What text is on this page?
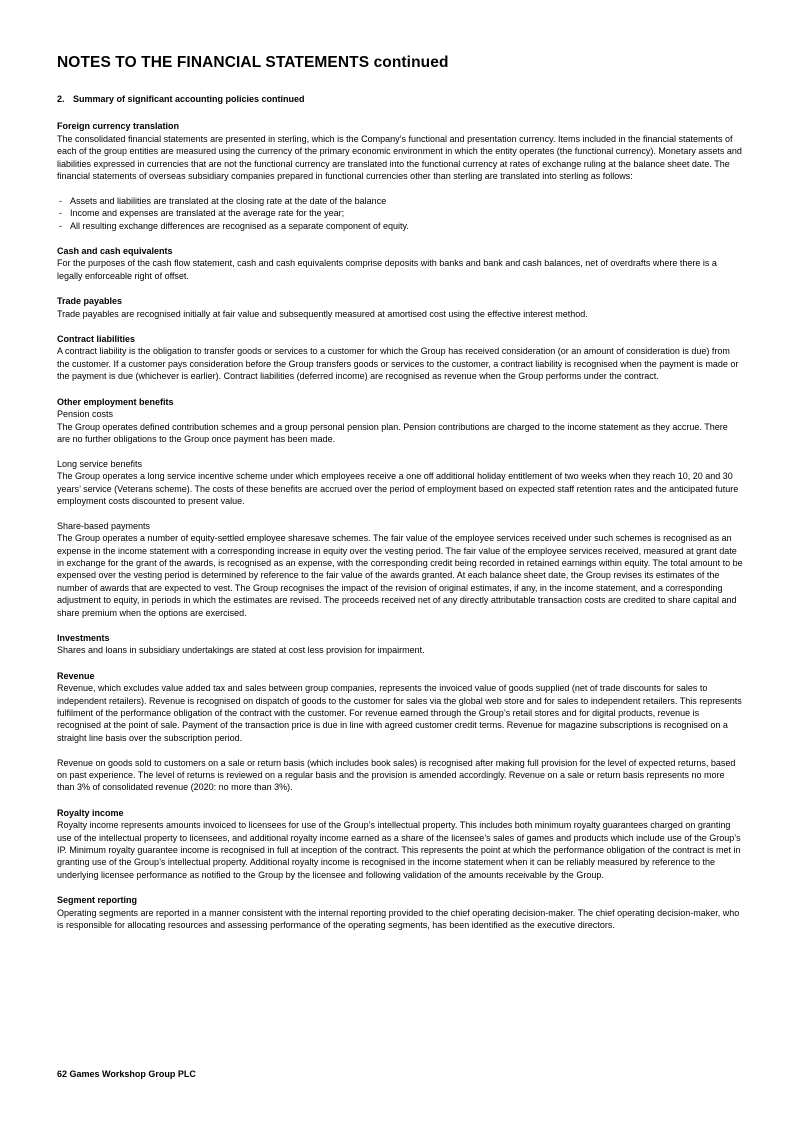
NOTES TO THE FINANCIAL STATEMENTS continued
2. Summary of significant accounting policies continued
Foreign currency translation

The consolidated financial statements are presented in sterling, which is the Company’s functional and presentation currency. Items included in the financial statements of each of the group entities are measured using the currency of the primary economic environment in which the entity operates (the functional currency). Monetary assets and liabilities expressed in currencies that are not the functional currency are translated into the functional currency at rates of exchange ruling at the balance sheet date. The financial statements of overseas subsidiary companies prepared in functional currencies other than sterling are translated into sterling as follows:

- Assets and liabilities are translated at the closing rate at the date of the balance
- Income and expenses are translated at the average rate for the year;
- All resulting exchange differences are recognised as a separate component of equity.
Cash and cash equivalents

For the purposes of the cash flow statement, cash and cash equivalents comprise deposits with banks and bank and cash balances, net of overdrafts where there is a legally enforceable right of offset.

Trade payables

Trade payables are recognised initially at fair value and subsequently measured at amortised cost using the effective interest method.

Contract liabilities

A contract liability is the obligation to transfer goods or services to a customer for which the Group has received consideration (or an amount of consideration is due) from the customer. If a customer pays consideration before the Group transfers goods or services to the customer, a contract liability is recognised when the payment is made or the payment is due (whichever is earlier). Contract liabilities (deferred income) are recognised as revenue when the Group performs under the contract.

Other employment benefits

Pension costs

The Group operates defined contribution schemes and a group personal pension plan. Pension contributions are charged to the income statement as they accrue. There are no further obligations to the Group once payment has been made.

Long service benefits

The Group operates a long service incentive scheme under which employees receive a one off additional holiday entitlement of two weeks when they reach 10, 20 and 30 years’ service (Veterans scheme). The costs of these benefits are accrued over the period of employment based on expected staff retention rates and the anticipated future employment costs discounted to present value.

Share-based payments

The Group operates a number of equity-settled employee sharesave schemes. The fair value of the employee services received under such schemes is recognised as an expense in the income statement with a corresponding increase in equity over the vesting period. The fair value of the employee services received, measured at grant date in exchange for the grant of the awards, is recognised as an expense, with the corresponding credit being recorded in retained earnings within equity. The total amount to be expensed over the vesting period is determined by reference to the fair value of the awards granted. At each balance sheet date, the Group revises its estimates of the number of awards that are expected to vest. The Group recognises the impact of the revision of original estimates, if any, in the income statement, and a corresponding adjustment to equity, in periods in which the estimates are revised. The proceeds received net of any directly attributable transaction costs are credited to share capital and share premium when the options are exercised.

Investments

Shares and loans in subsidiary undertakings are stated at cost less provision for impairment.

Revenue

Revenue, which excludes value added tax and sales between group companies, represents the invoiced value of goods supplied (net of trade discounts for sales to independent retailers). Revenue is recognised on dispatch of goods to the customer for sales via the global web store and for sales to independent retailers. This represents fulfilment of the performance obligation of the contract with the customer. For revenue earned through the Group’s retail stores and for digital products, revenue is recognised at the point of sale. Payment of the transaction price is due in line with agreed customer credit terms. Revenue for magazine subscriptions is recognised on a straight line basis over the subscription period.

Revenue on goods sold to customers on a sale or return basis (which includes book sales) is recognised after making full provision for the level of expected returns, based on past experience. The level of returns is reviewed on a regular basis and the provision is amended accordingly. Revenue on a sale or return basis represents no more than 3% of consolidated revenue (2020: no more than 3%).

Royalty income

Royalty income represents amounts invoiced to licensees for use of the Group’s intellectual property. This includes both minimum royalty guarantees charged on granting use of the intellectual property to licensees, and additional royalty income earned as a share of the licensee’s sales of games and products which include use of the Group’s IP. Minimum royalty guarantee income is recognised in full at inception of the contract. This represents the point at which the performance obligation of the contract is met in granting use of the Group’s intellectual property. Additional royalty income is recognised in the income statement when it can be reliably measured by reference to the underlying licensee performance as notified to the Group by the licensee and following validation of the amounts receivable by the Group.

Segment reporting

Operating segments are reported in a manner consistent with the internal reporting provided to the chief operating decision-maker. The chief operating decision-maker, who is responsible for allocating resources and assessing performance of the operating segments, has been identified as the executive directors.

62 Games Workshop Group PLC
